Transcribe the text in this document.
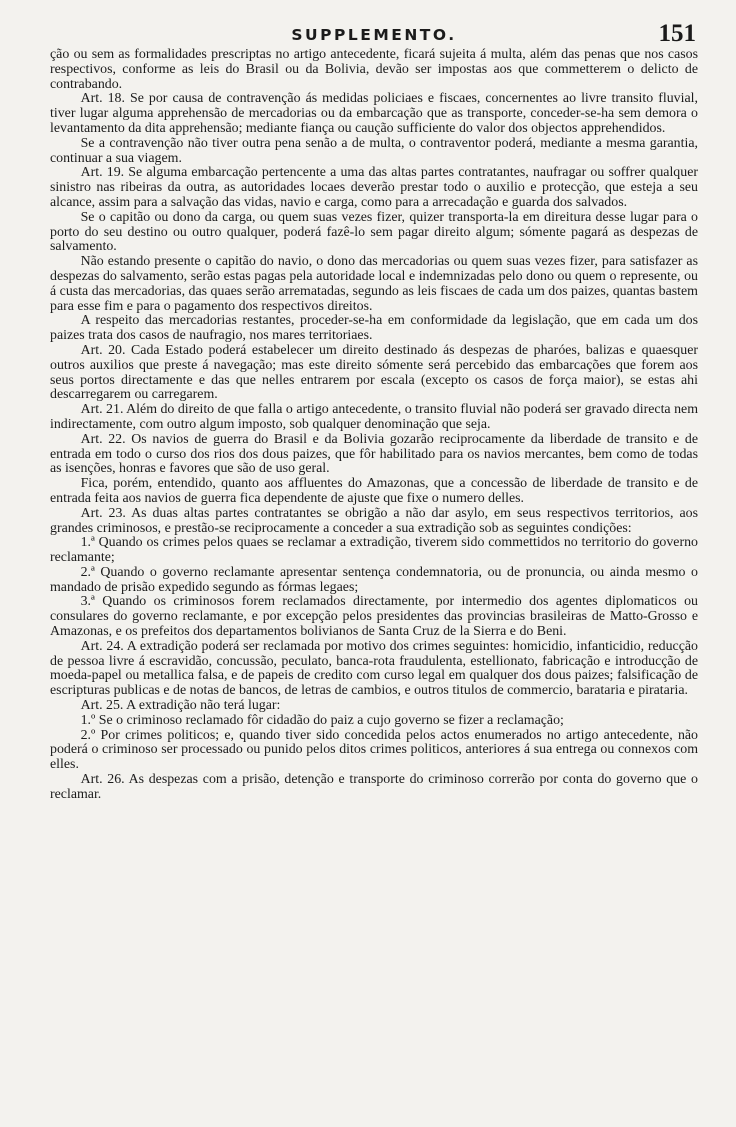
SUPPLEMENTO.	151

ção ou sem as formalidades prescriptas no artigo antecedente, ficará sujeita á multa, além das penas que nos casos respectivos, conforme as leis do Brasil ou da Bolivia, devão ser impostas aos que commetterem o delicto de contrabando.

Art. 18. Se por causa de contravenção ás medidas policiaes e fiscaes, concernentes ao livre transito fluvial, tiver lugar alguma apprehensão de mercadorias ou da embarcação que as transporte, conceder-se-ha sem demora o levantamento da dita apprehensão; mediante fiança ou caução sufficiente do valor dos objectos apprehendidos.

Se a contravenção não tiver outra pena senão a de multa, o contraventor poderá, mediante a mesma garantia, continuar a sua viagem.

Art. 19. Se alguma embarcação pertencente a uma das altas partes contratantes, naufragar ou soffrer qualquer sinistro nas ribeiras da outra, as autoridades locaes deverão prestar todo o auxilio e protecção, que esteja a seu alcance, assim para a salvação das vidas, navio e carga, como para a arrecadação e guarda dos salvados.

Se o capitão ou dono da carga, ou quem suas vezes fizer, quizer transporta-la em direitura desse lugar para o porto do seu destino ou outro qualquer, poderá fazê-lo sem pagar direito algum; sómente pagará as despezas de salvamento.

Não estando presente o capitão do navio, o dono das mercadorias ou quem suas vezes fizer, para satisfazer as despezas do salvamento, serão estas pagas pela autoridade local e indemnizadas pelo dono ou quem o represente, ou á custa das mercadorias, das quaes serão arrematadas, segundo as leis fiscaes de cada um dos paizes, quantas bastem para esse fim e para o pagamento dos respectivos direitos.

A respeito das mercadorias restantes, proceder-se-ha em conformidade da legislação, que em cada um dos paizes trata dos casos de naufragio, nos mares territoriaes.

Art. 20. Cada Estado poderá estabelecer um direito destinado ás despezas de pharóes, balizas e quaesquer outros auxilios que preste á navegação; mas este direito sómente será percebido das embarcações que forem aos seus portos directamente e das que nelles entrarem por escala (excepto os casos de força maior), se estas ahi descarregarem ou carregarem.

Art. 21. Além do direito de que falla o artigo antecedente, o transito fluvial não poderá ser gravado directa nem indirectamente, com outro algum imposto, sob qualquer denominação que seja.

Art. 22. Os navios de guerra do Brasil e da Bolivia gozarão reciprocamente da liberdade de transito e de entrada em todo o curso dos rios dos dous paizes, que fôr habilitado para os navios mercantes, bem como de todas as isenções, honras e favores que são de uso geral.

Fica, porém, entendido, quanto aos affluentes do Amazonas, que a concessão de liberdade de transito e de entrada feita aos navios de guerra fica dependente de ajuste que fixe o numero delles.

Art. 23. As duas altas partes contratantes se obrigão a não dar asylo, em seus respectivos territorios, aos grandes criminosos, e prestão-se reciprocamente a conceder a sua extradição sob as seguintes condições:

1.ª Quando os crimes pelos quaes se reclamar a extradição, tiverem sido commettidos no territorio do governo reclamante;

2.ª Quando o governo reclamante apresentar sentença condemnatoria, ou de pronuncia, ou ainda mesmo o mandado de prisão expedido segundo as fórmas legaes;

3.ª Quando os criminosos forem reclamados directamente, por intermedio dos agentes diplomaticos ou consulares do governo reclamante, e por excepção pelos presidentes das provincias brasileiras de Matto-Grosso e Amazonas, e os prefeitos dos departamentos bolivianos de Santa Cruz de la Sierra e do Beni.

Art. 24. A extradição poderá ser reclamada por motivo dos crimes seguintes: homicidio, infanticidio, reducção de pessoa livre á escravidão, concussão, peculato, banca-rota fraudulenta, estellionato, fabricação e introducção de moeda-papel ou metallica falsa, e de papeis de credito com curso legal em qualquer dos dous paizes; falsificação de escripturas publicas e de notas de bancos, de letras de cambios, e outros titulos de commercio, barataria e pirataria.

Art. 25. A extradição não terá lugar:

1.º Se o criminoso reclamado fôr cidadão do paiz a cujo governo se fizer a reclamação;

2.º Por crimes politicos; e, quando tiver sido concedida pelos actos enumerados no artigo antecedente, não poderá o criminoso ser processado ou punido pelos ditos crimes politicos, anteriores á sua entrega ou connexos com elles.

Art. 26. As despezas com a prisão, detenção e transporte do criminoso correrão por conta do governo que o reclamar.
